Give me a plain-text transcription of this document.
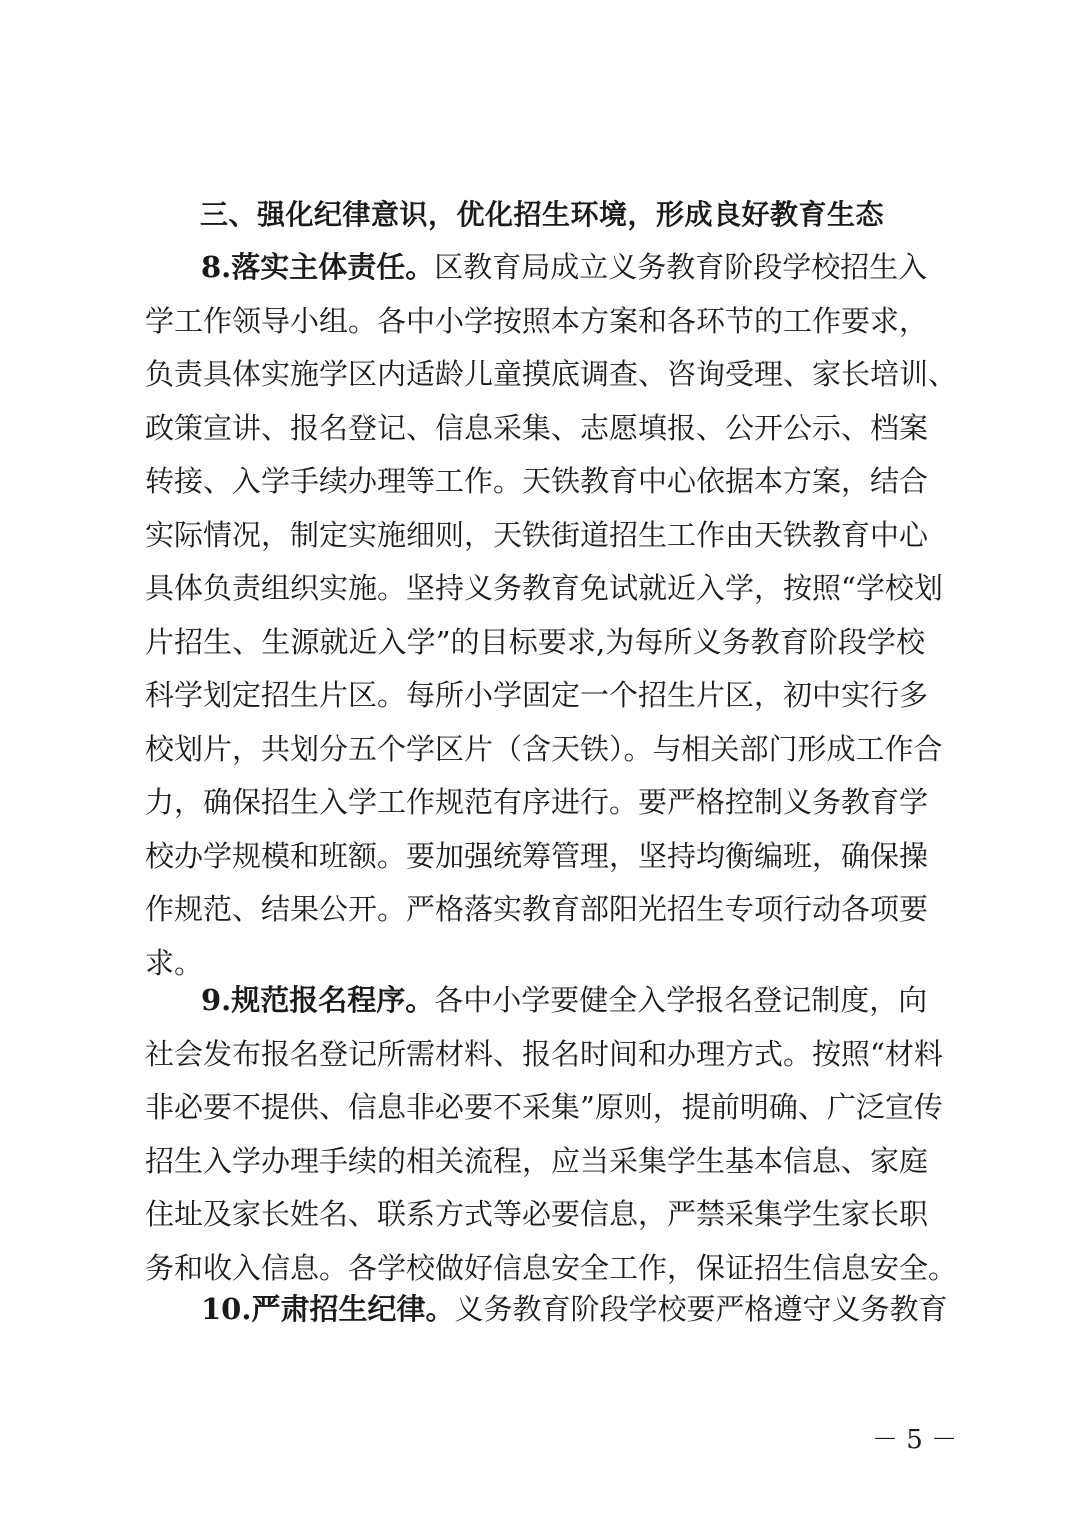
三、强化纪律意识，优化招生环境，形成良好教育生态
8.落实主体责任。区教育局成立义务教育阶段学校招生入
学工作领导小组。各中小学按照本方案和各环节的工作要求，
负责具体实施学区内适龄儿童摸底调查、咨询受理、家长培训、
政策宣讲、报名登记、信息采集、志愿填报、公开公示、档案
转接、入学手续办理等工作。天铁教育中心依据本方案，结合
实际情况，制定实施细则，天铁街道招生工作由天铁教育中心
具体负责组织实施。坚持义务教育免试就近入学，按照“学校划
片招生、生源就近入学”的目标要求,为每所义务教育阶段学校
科学划定招生片区。每所小学固定一个招生片区，初中实行多
校划片，共划分五个学区片（含天铁）。与相关部门形成工作合
力，确保招生入学工作规范有序进行。要严格控制义务教育学
校办学规模和班额。要加强统筹管理，坚持均衡编班，确保操
作规范、结果公开。严格落实教育部阳光招生专项行动各项要
求。
9.规范报名程序。各中小学要健全入学报名登记制度，向
社会发布报名登记所需材料、报名时间和办理方式。按照“材料
非必要不提供、信息非必要不采集”原则，提前明确、广泛宣传
招生入学办理手续的相关流程，应当采集学生基本信息、家庭
住址及家长姓名、联系方式等必要信息，严禁采集学生家长职
务和收入信息。各学校做好信息安全工作，保证招生信息安全。
10.严肃招生纪律。义务教育阶段学校要严格遵守义务教育
－ 5 －
